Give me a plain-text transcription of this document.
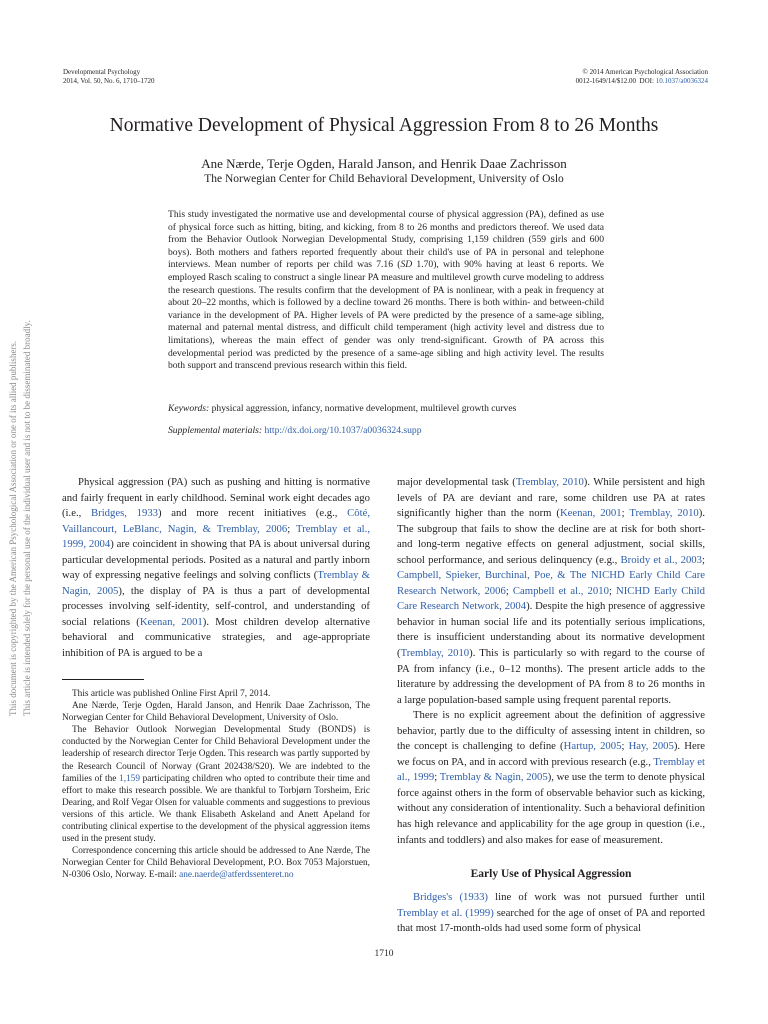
Developmental Psychology
2014, Vol. 50, No. 6, 1710–1720
© 2014 American Psychological Association
0012-1649/14/$12.00 DOI: 10.1037/a0036324
This document is copyrighted by the American Psychological Association or one of its allied publishers. This article is intended solely for the personal use of the individual user and is not to be disseminated broadly.
Normative Development of Physical Aggression From 8 to 26 Months
Ane Nærde, Terje Ogden, Harald Janson, and Henrik Daae Zachrisson
The Norwegian Center for Child Behavioral Development, University of Oslo

This study investigated the normative use and developmental course of physical aggression (PA), defined as use of physical force such as hitting, biting, and kicking, from 8 to 26 months and predictors thereof. We used data from the Behavior Outlook Norwegian Developmental Study, comprising 1,159 children (559 girls and 600 boys). Both mothers and fathers reported frequently about their child's use of PA in personal and telephone interviews. Mean number of reports per child was 7.16 (SD 1.70), with 90% having at least 6 reports. We employed Rasch scaling to construct a single linear PA measure and multilevel growth curve modeling to address the research questions. The results confirm that the development of PA is nonlinear, with a peak in frequency at about 20–22 months, which is followed by a decline toward 26 months. There is both within- and between-child variance in the development of PA. Higher levels of PA were predicted by the presence of a same-age sibling, maternal and paternal mental distress, and difficult child temperament (high activity level and distress due to limitations), whereas the main effect of gender was only trend-significant. Growth of PA across this developmental period was predicted by the presence of a same-age sibling and high activity level. The results both support and transcend previous research within this field.

Keywords: physical aggression, infancy, normative development, multilevel growth curves
Supplemental materials: http://dx.doi.org/10.1037/a0036324.supp

Physical aggression (PA) such as pushing and hitting is normative and fairly frequent in early childhood. Seminal work eight decades ago (i.e., Bridges, 1933) and more recent initiatives (e.g., Côté, Vaillancourt, LeBlanc, Nagin, & Tremblay, 2006; Tremblay et al., 1999, 2004) are coincident in showing that PA is about universal during particular developmental periods. Posited as a natural and partly inborn way of expressing negative feelings and solving conflicts (Tremblay & Nagin, 2005), the display of PA is thus a part of developmental processes involving self-identity, self-control, and understanding of social relations (Keenan, 2001). Most children develop alternative behavioral and communicative strategies, and age-appropriate inhibition of PA is argued to be a

This article was published Online First April 7, 2014.

Ane Nærde, Terje Ogden, Harald Janson, and Henrik Daae Zachrisson, The Norwegian Center for Child Behavioral Development, University of Oslo.

The Behavior Outlook Norwegian Developmental Study (BONDS) is conducted by the Norwegian Center for Child Behavioral Development under the leadership of research director Terje Ogden. This research was partly supported by the Research Council of Norway (Grant 202438/S20). We are indebted to the families of the 1,159 participating children who opted to contribute their time and effort to make this research possible. We are thankful to Torbjørn Torsheim, Eric Dearing, and Rolf Vegar Olsen for valuable comments and suggestions to previous versions of this article. We thank Elisabeth Askeland and Anett Apeland for contributing clinical expertise to the development of the physical aggression items used in the present study.

Correspondence concerning this article should be addressed to Ane Nærde, The Norwegian Center for Child Behavioral Development, P.O. Box 7053 Majorstuen, N-0306 Oslo, Norway. E-mail: ane.naerde@atferdssenteret.no

major developmental task (Tremblay, 2010). While persistent and high levels of PA are deviant and rare, some children use PA at rates significantly higher than the norm (Keenan, 2001; Tremblay, 2010). The subgroup that fails to show the decline are at risk for both short- and long-term negative effects on general adjustment, social skills, school performance, and serious delinquency (e.g., Broidy et al., 2003; Campbell, Spieker, Burchinal, Poe, & The NICHD Early Child Care Research Network, 2006; Campbell et al., 2010; NICHD Early Child Care Research Network, 2004). Despite the high presence of aggressive behavior in human social life and its potentially serious implications, there is insufficient understanding about its normative development (Tremblay, 2010). This is particularly so with regard to the course of PA from infancy (i.e., 0–12 months). The present article adds to the literature by addressing the development of PA from 8 to 26 months in a large population-based sample using frequent parental reports.

There is no explicit agreement about the definition of aggressive behavior, partly due to the difficulty of assessing intent in children, so the concept is challenging to define (Hartup, 2005; Hay, 2005). Here we focus on PA, and in accord with previous research (e.g., Tremblay et al., 1999; Tremblay & Nagin, 2005), we use the term to denote physical force against others in the form of observable behavior such as kicking, without any consideration of intentionality. Such a behavioral definition has high relevance and applicability for the age group in question (i.e., infants and toddlers) and also makes for ease of measurement.

Early Use of Physical Aggression

Bridges's (1933) line of work was not pursued further until Tremblay et al. (1999) searched for the age of onset of PA and reported that most 17-month-olds had used some form of physical

1710
